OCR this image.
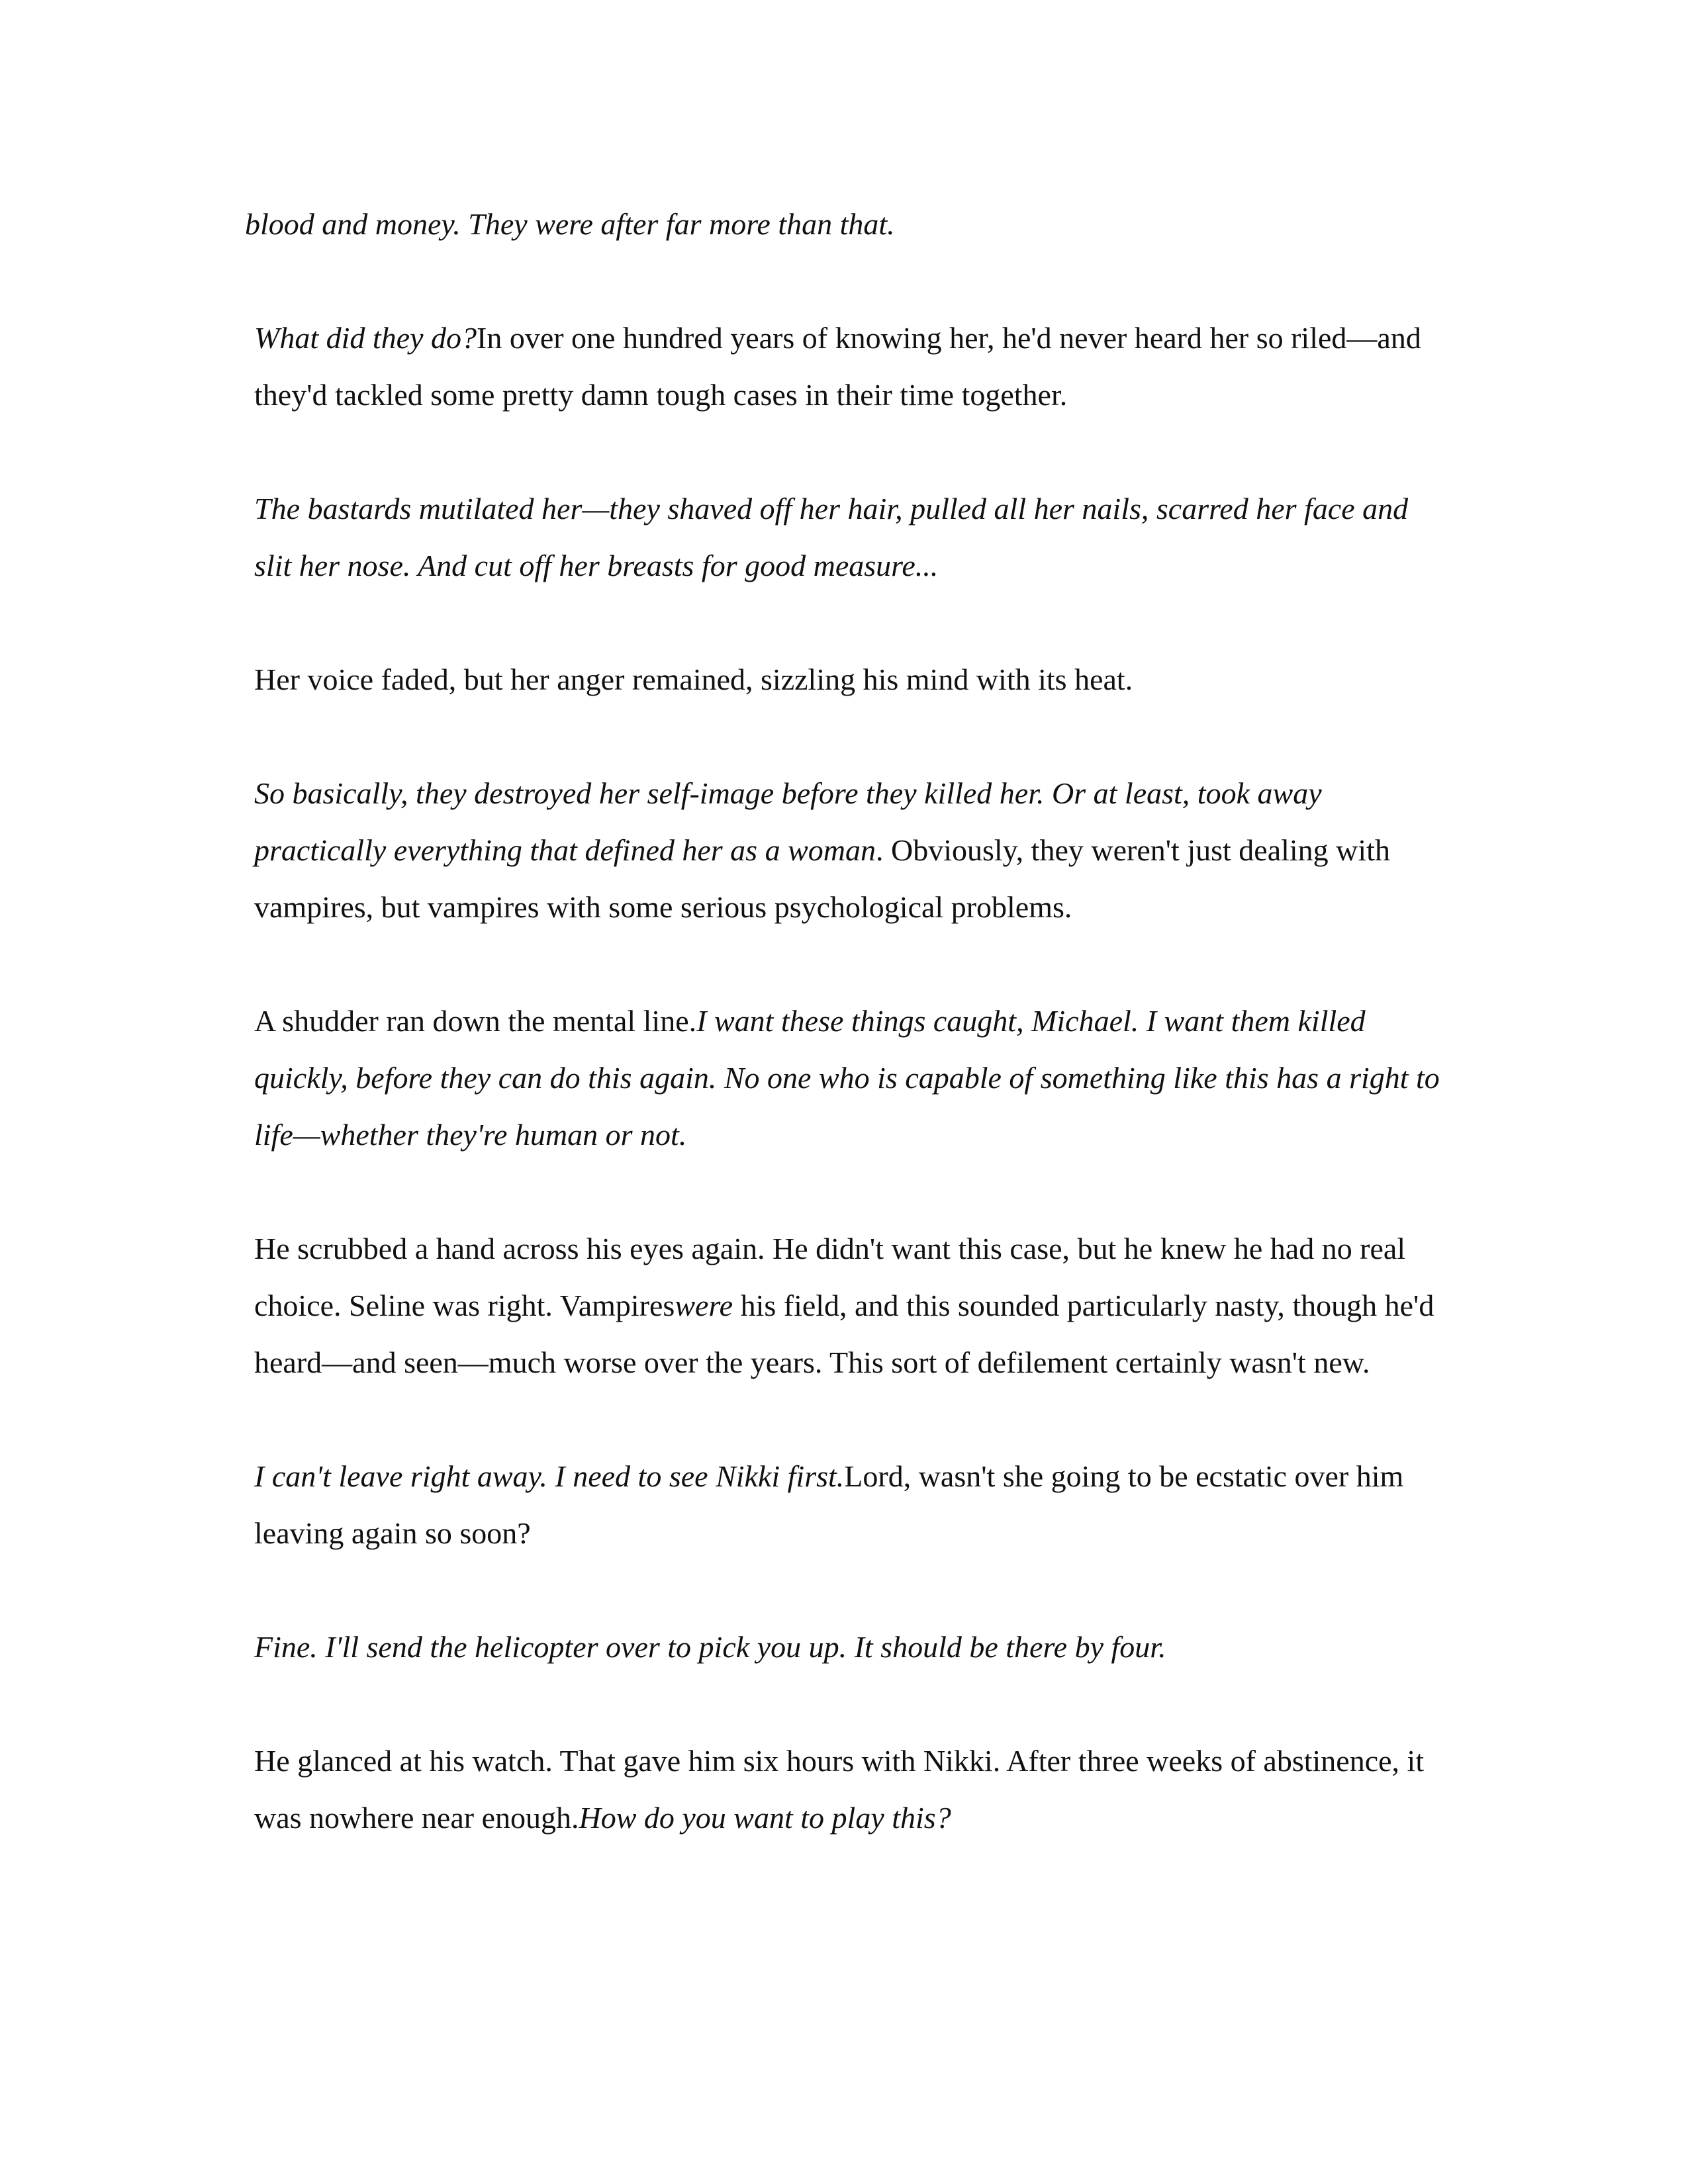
blood and money. They were after far more than that.

What did they do?In over one hundred years of knowing her, he'd never heard her so riled—and they'd tackled some pretty damn tough cases in their time together.

The bastards mutilated her—they shaved off her hair, pulled all her nails, scarred her face and slit her nose. And cut off her breasts for good measure...

Her voice faded, but her anger remained, sizzling his mind with its heat.

So basically, they destroyed her self-image before they killed her. Or at least, took away practically everything that defined her as a woman. Obviously, they weren't just dealing with vampires, but vampires with some serious psychological problems.

A shudder ran down the mental line.I want these things caught, Michael. I want them killed quickly, before they can do this again. No one who is capable of something like this has a right to life—whether they're human or not.

He scrubbed a hand across his eyes again. He didn't want this case, but he knew he had no real choice. Seline was right. Vampireswere his field, and this sounded particularly nasty, though he'd heard—and seen—much worse over the years. This sort of defilement certainly wasn't new.

I can't leave right away. I need to see Nikki first.Lord, wasn't she going to be ecstatic over him leaving again so soon?

Fine. I'll send the helicopter over to pick you up. It should be there by four.

He glanced at his watch. That gave him six hours with Nikki. After three weeks of abstinence, it was nowhere near enough.How do you want to play this?
